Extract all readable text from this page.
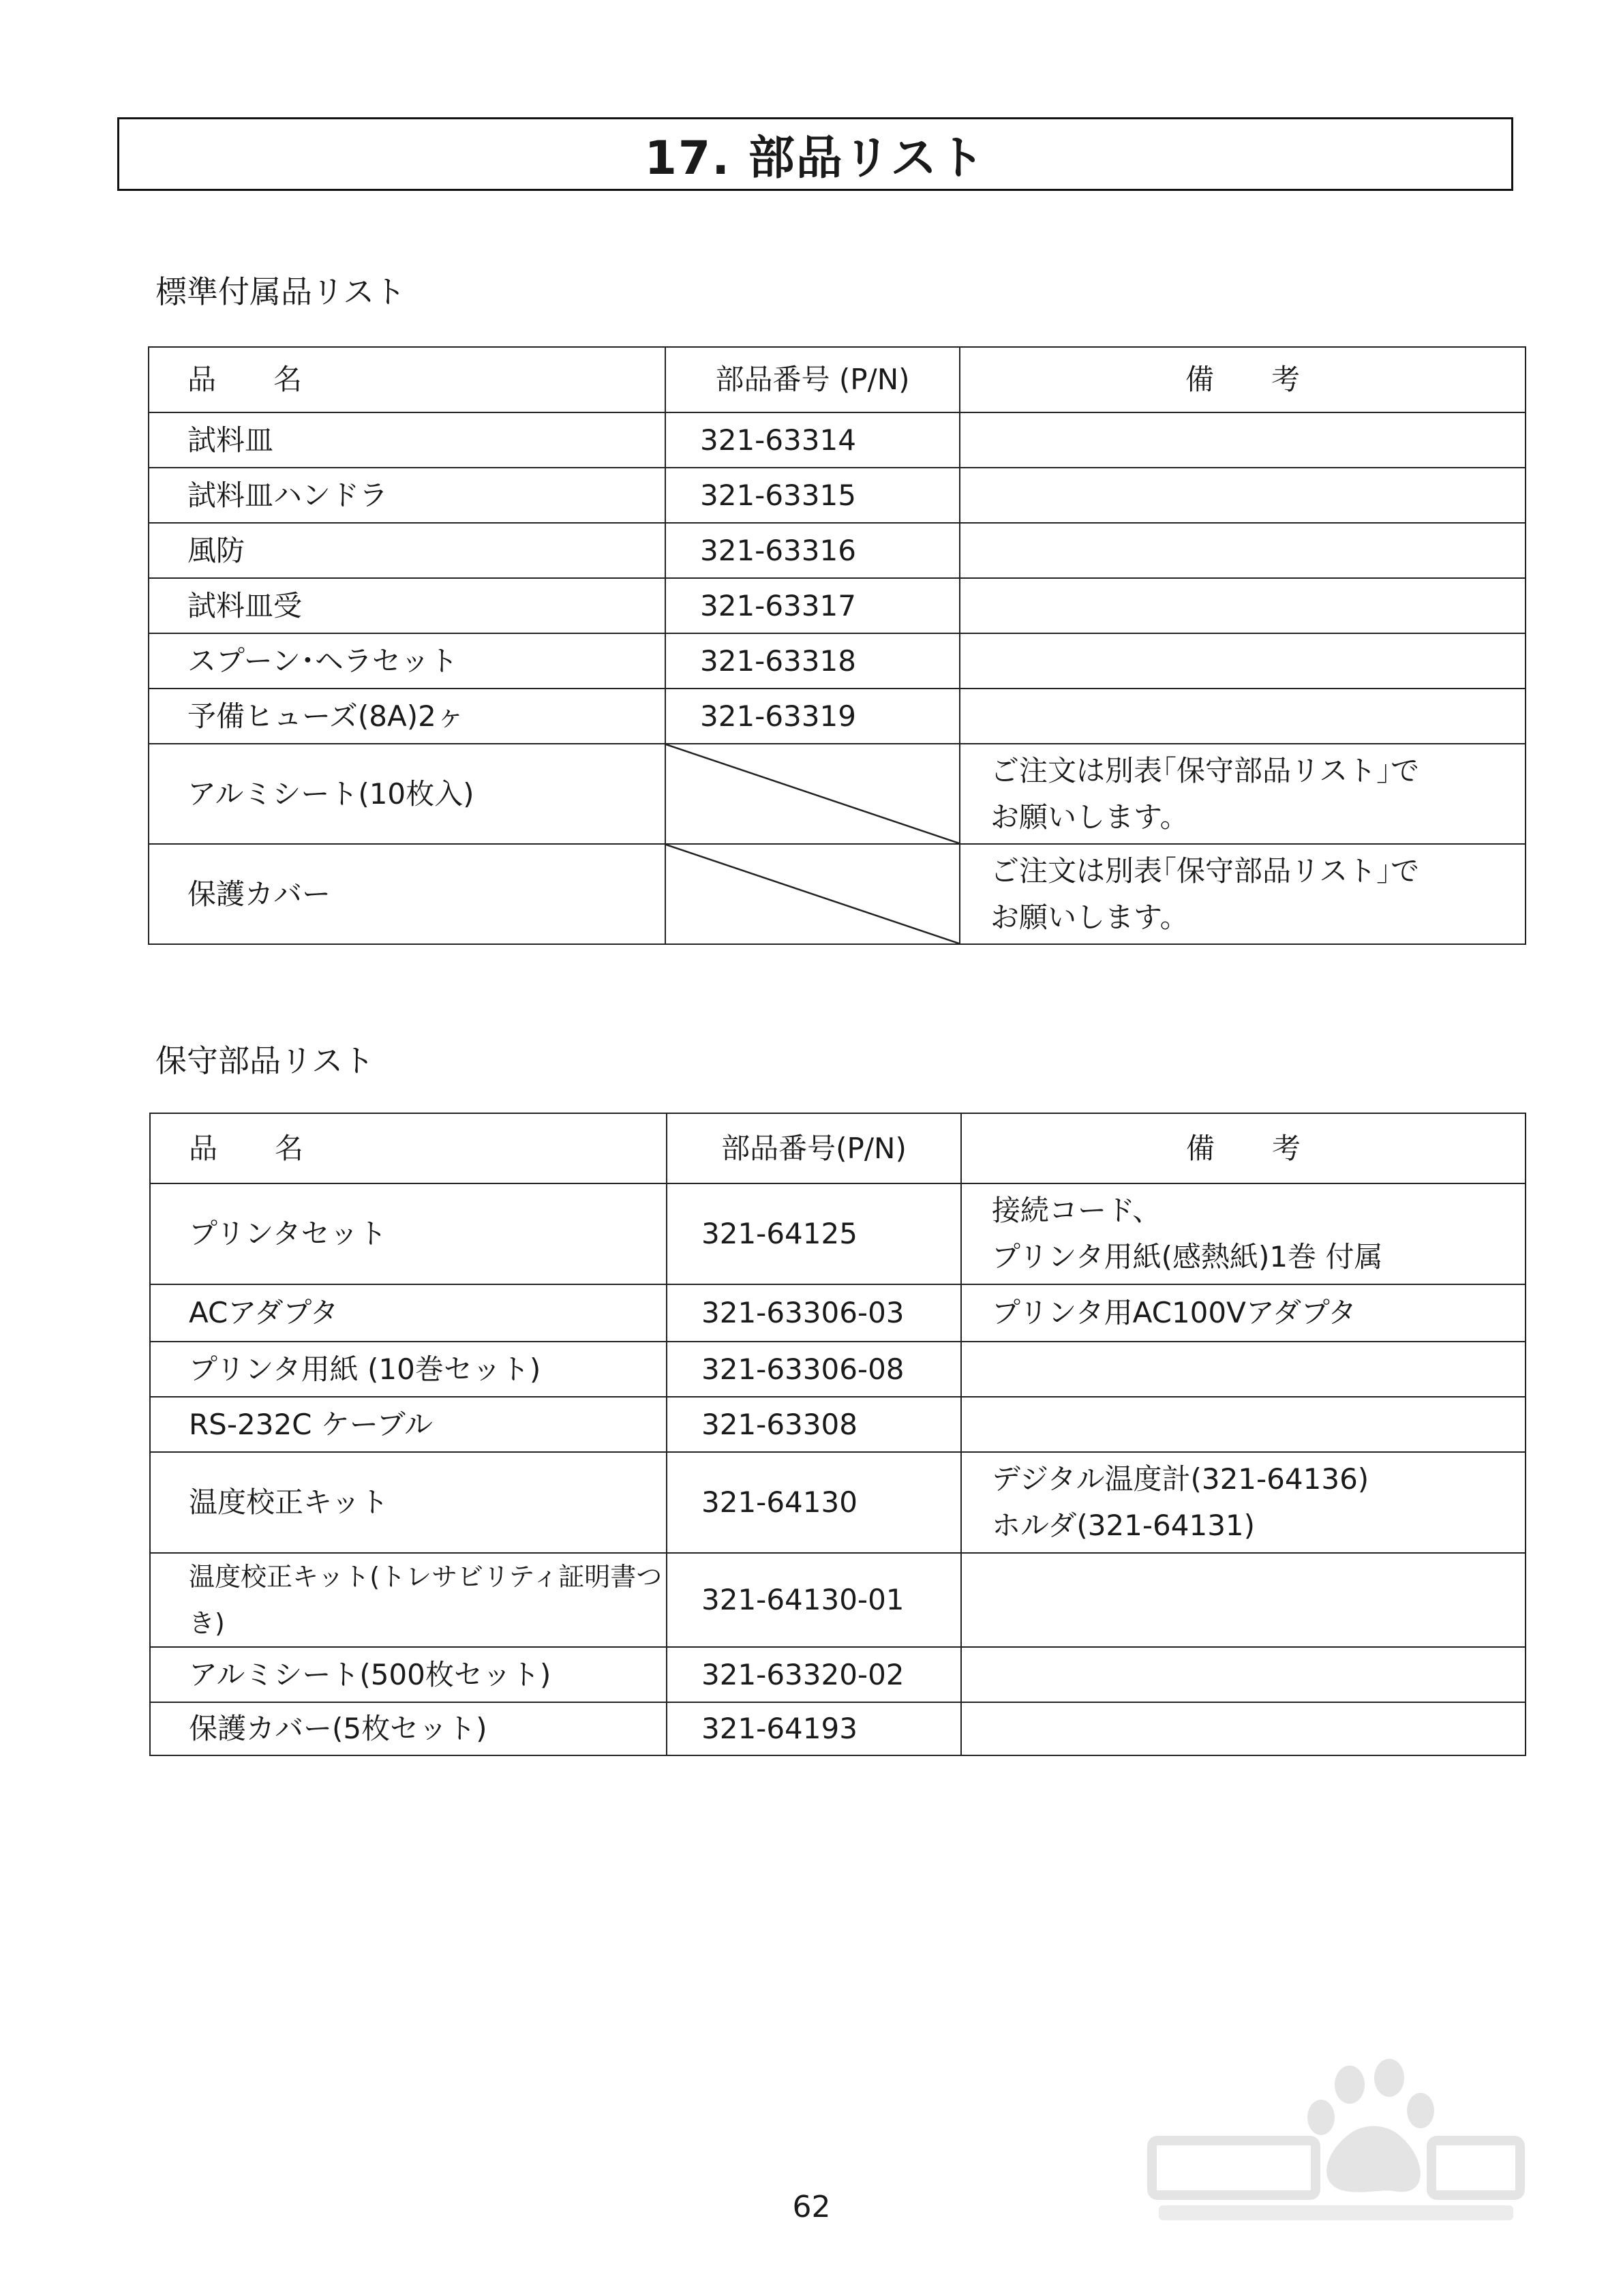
17. 部品リスト
標準付属品リスト
品　　名	部品番号 (P/N)	備　　考
試料皿	321-63314	
試料皿ハンドラ	321-63315	
風防	321-63316	
試料皿受	321-63317	
スプーン･ヘラセット	321-63318	
予備ヒューズ(8A)2ヶ	321-63319	
アルミシート(10枚入)		ご注文は別表｢保守部品リスト｣で
お願いします。

保護カバー		ご注文は別表｢保守部品リスト｣で
お願いします。
保守部品リスト
品　　名	部品番号(P/N)	備　　考
プリンタセット	321-64125	接続コード、
プリンタ用紙(感熱紙)1巻 付属

ACアダプタ	321-63306-03	プリンタ用AC100Vアダプタ
プリンタ用紙 (10巻セット)	321-63306-08	
RS-232C ケーブル	321-63308	
温度校正キット	321-64130	デジタル温度計(321-64136)
ホルダ(321-64131)

温度校正キット(トレサビリティ証明書つき)	321-64130-01	
アルミシート(500枚セット)	321-63320-02	
保護カバー(5枚セット)	321-64193	
62
